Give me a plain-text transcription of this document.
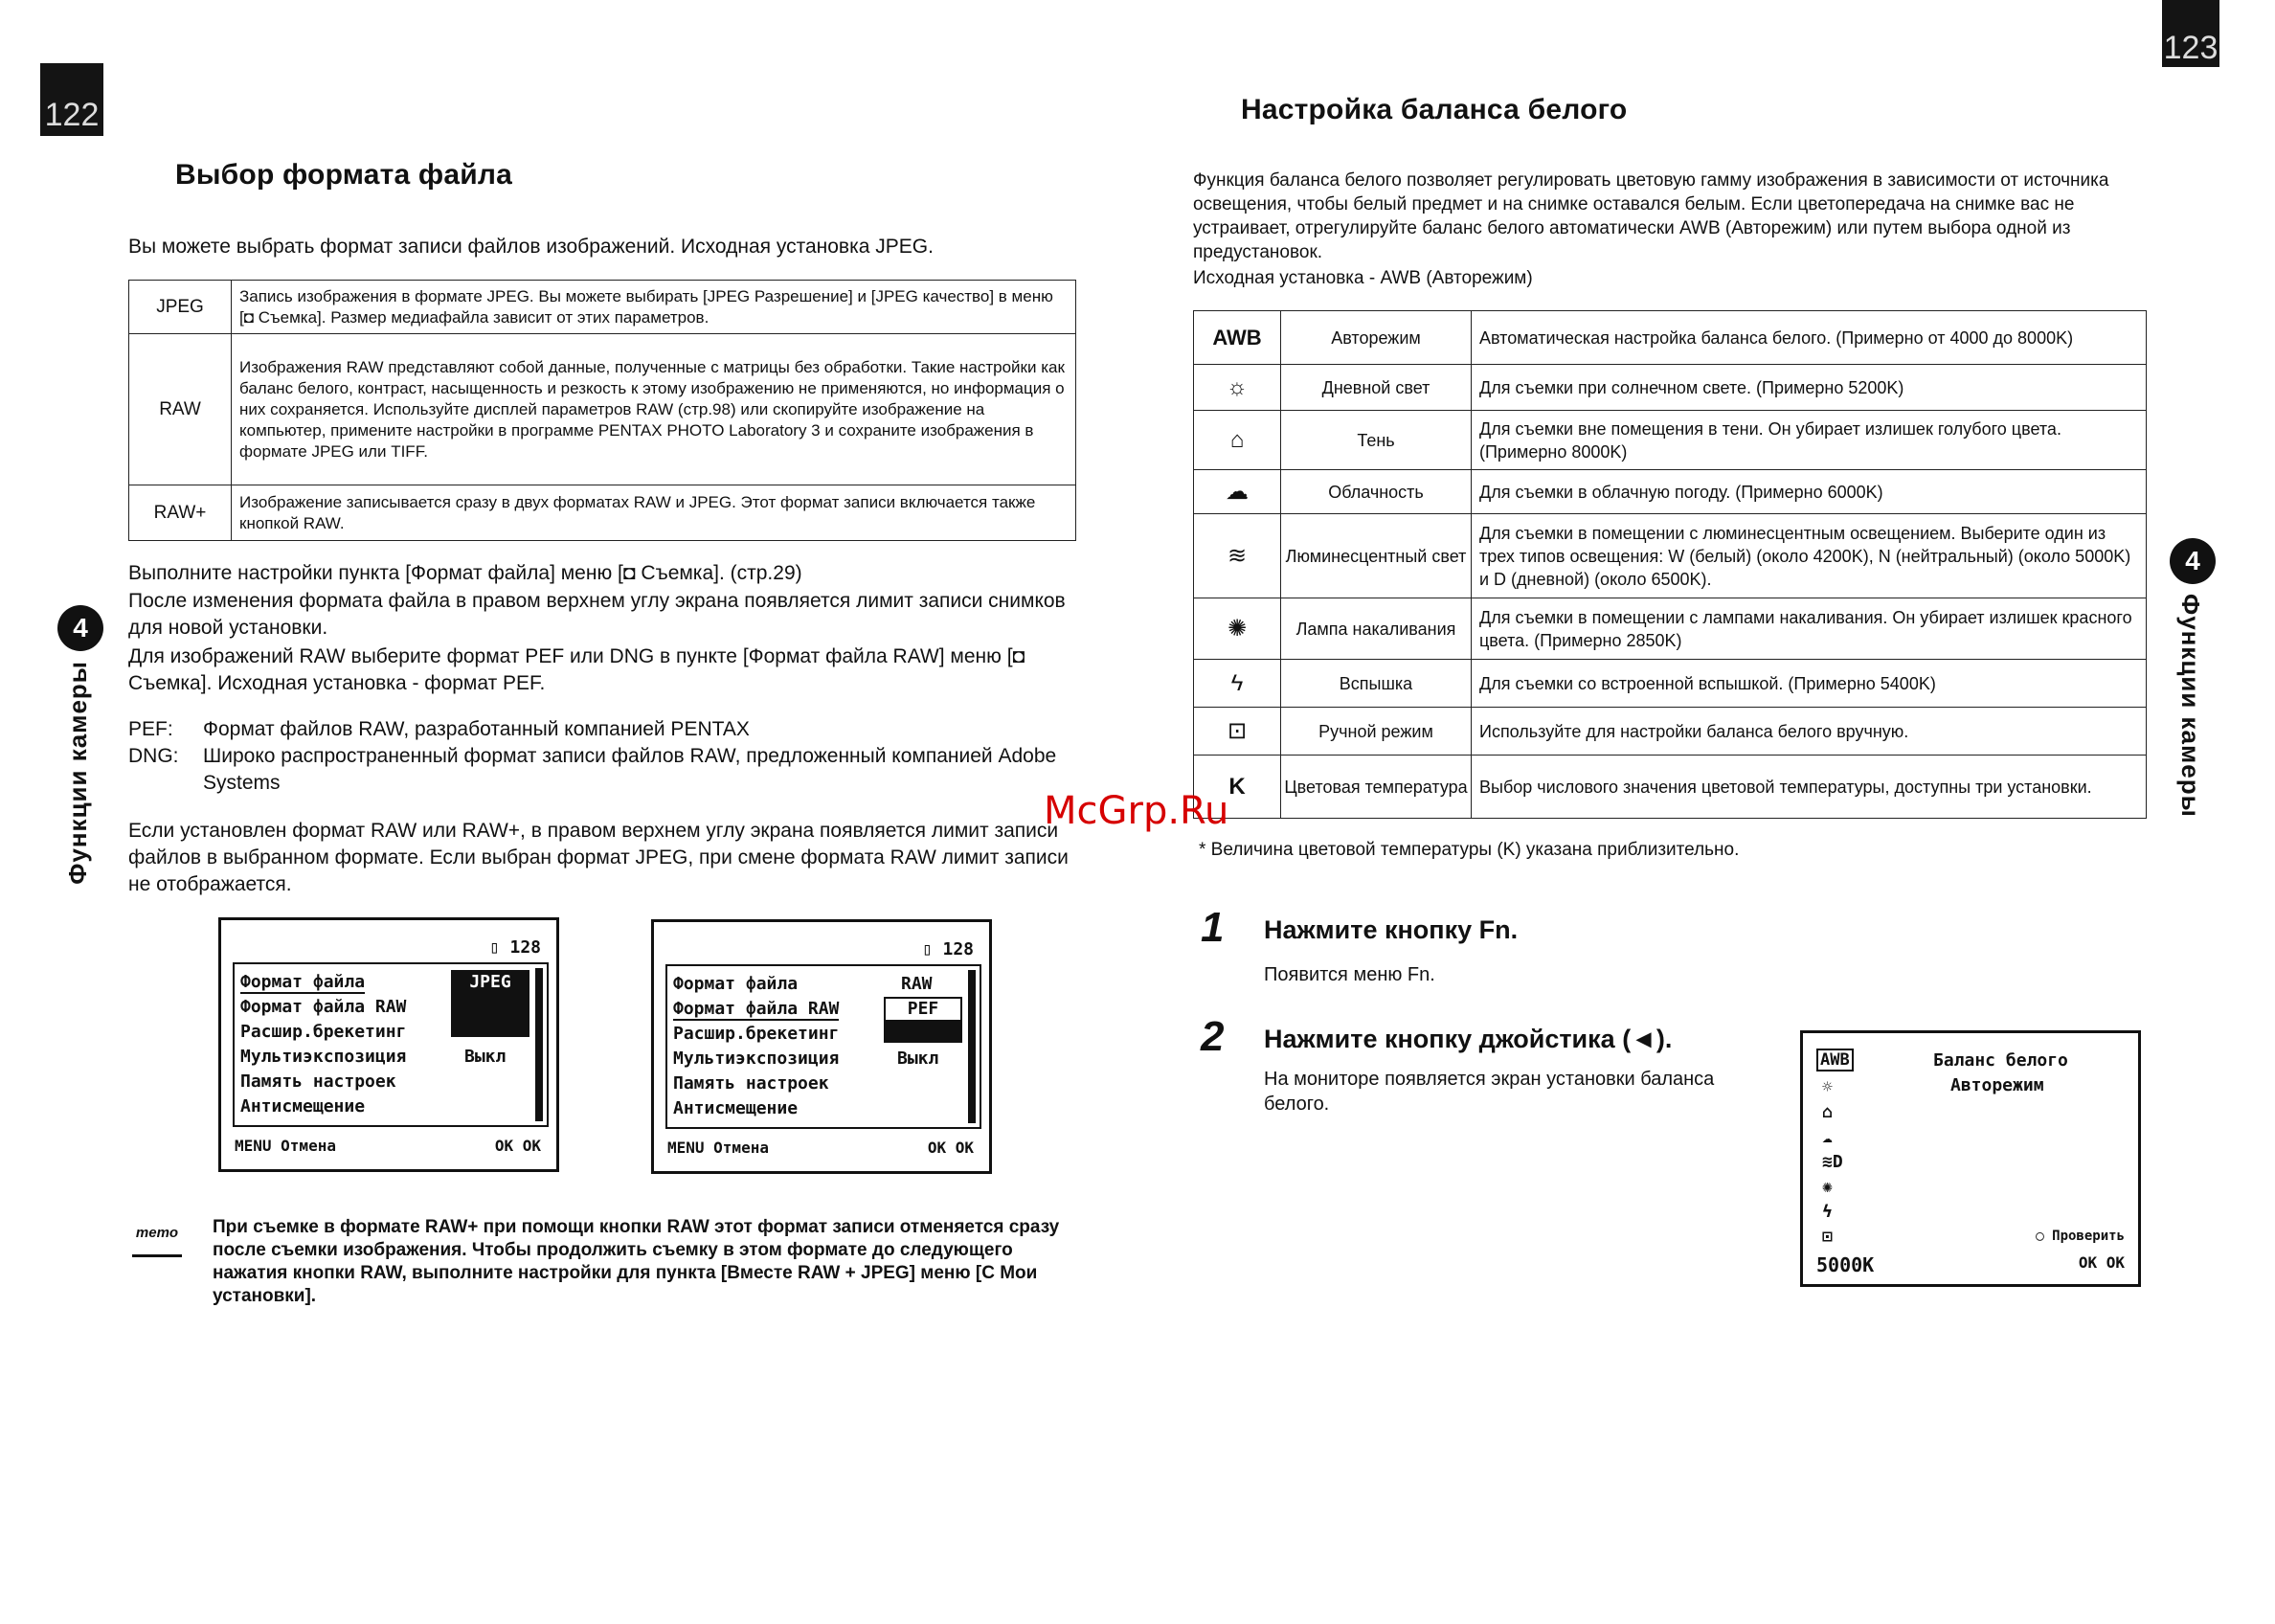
122
Выбор формата файла

Вы можете выбрать формат записи файлов изображений. Исходная установка JPEG.

JPEG	Запись изображения в формате JPEG. Вы можете выбирать [JPEG Разрешение] и [JPEG качество] в меню [◘ Съемка]. Размер медиафайла зависит от этих параметров.
RAW	Изображения RAW представляют собой данные, полученные с матрицы без обработки. Такие настройки как баланс белого, контраст, насыщенность и резкость к этому изображению не применяются, но информация о них сохраняется. Используйте дисплей параметров RAW (стр.98) или скопируйте изображение на компьютер, примените настройки в программе PENTAX PHOTO Laboratory 3 и сохраните изображения в формате JPEG или TIFF.
RAW+	Изображение записывается сразу в двух форматах RAW и JPEG. Этот формат записи включается также кнопкой RAW.

Выполните настройки пункта [Формат файла] меню [◘ Съемка]. (стр.29)

После изменения формата файла в правом верхнем углу экрана появляется лимит записи снимков для новой установки.

Для изображений RAW выберите формат PEF или DNG в пункте [Формат файла RAW] меню [◘ Съемка]. Исходная установка - формат PEF.

PEF:	Формат файлов RAW, разработанный компанией PENTAX
DNG:	Широко распространенный формат записи файлов RAW, предложенный компанией Adobe Systems

Если установлен формат RAW или RAW+, в правом верхнем углу экрана появляется лимит записи файлов в выбранном формате. Если выбран формат JPEG, при смене формата RAW лимит записи не отображается.

▯ 128
Формат файла
Формат файла RAW
Расшир.брекетинг
Мультиэкспозиция
Память настроек
Антисмещение
JPEG
Выкл
MENU Отмена	OK OK
▯ 128
Формат файла
Формат файла RAW
Расшир.брекетинг
Мультиэкспозиция
Память настроек
Антисмещение
RAW
PEF
Выкл
MENU Отмена	OK OK
memo При съемке в формате RAW+ при помощи кнопки RAW этот формат записи отменяется сразу после съемки изображения. Чтобы продолжить съемку в этом формате до следующего нажатия кнопки RAW, выполните настройки для пункта [Вместе RAW + JPEG] меню [C Мои установки].

4
Функции камеры
123
Настройка баланса белого

Функция баланса белого позволяет регулировать цветовую гамму изображения в зависимости от источника освещения, чтобы белый предмет и на снимке оставался белым. Если цветопередача на снимке вас не устраивает, отрегулируйте баланс белого автоматически AWB (Авторежим) или путем выбора одной из предустановок.

Исходная установка - AWB (Авторежим)

AWB	Авторежим	Автоматическая настройка баланса белого. (Примерно от 4000 до 8000K)
☼	Дневной свет	Для съемки при солнечном свете. (Примерно 5200K)
⌂	Тень	Для съемки вне помещения в тени. Он убирает излишек голубого цвета. (Примерно 8000K)
☁	Облачность	Для съемки в облачную погоду. (Примерно 6000K)
≋	Люминесцентный свет	Для съемки в помещении с люминесцентным освещением. Выберите один из трех типов освещения: W (белый) (около 4200K), N (нейтральный) (около 5000K) и D (дневной) (около 6500K).
✺	Лампа накаливания	Для съемки в помещении с лампами накаливания. Он убирает излишек красного цвета. (Примерно 2850K)
ϟ	Вспышка	Для съемки со встроенной вспышкой. (Примерно 5400K)
⊡	Ручной режим	Используйте для настройки баланса белого вручную.
K	Цветовая температура	Выбор числового значения цветовой температуры, доступны три установки.
McGrp.Ru

* Величина цветовой температуры (K) указана приблизительно.

1 Нажмите кнопку Fn.

Появится меню Fn.

2 Нажмите кнопку джойстика (◄).

На мониторе появляется экран установки баланса белого.

AWB
☼
⌂
☁
≋D
✺
ϟ
⊡
Баланс белого
Авторежим
5000K
◯ Проверить
OK OK
4
Функции камеры
